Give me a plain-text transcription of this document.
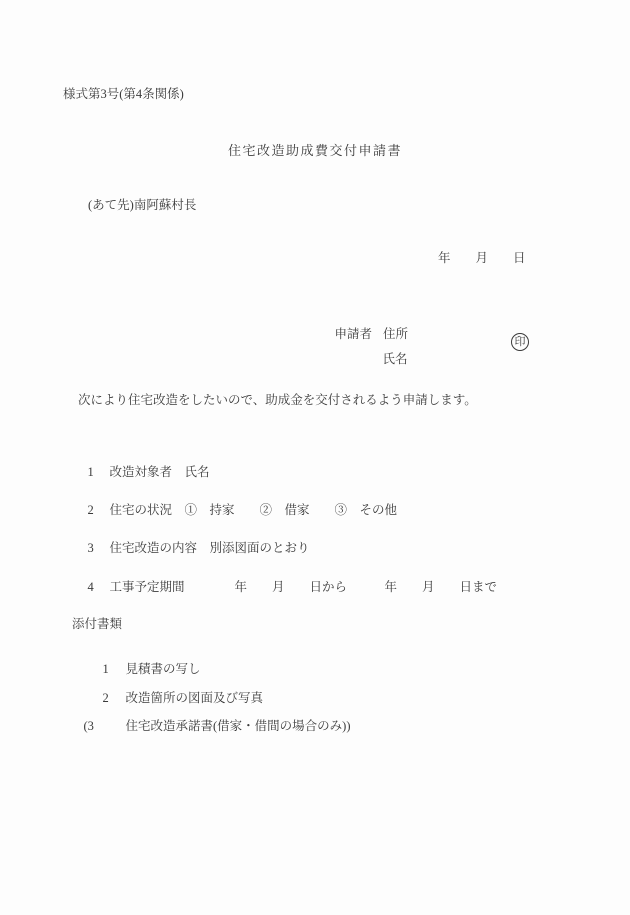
様式第3号(第4条関係)
住宅改造助成費交付申請書
(あて先)南阿蘇村長
年　　月　　日

申請者 住所

氏名

印
次により住宅改造をしたいので、助成金を交付されるよう申請します。

1 改造対象者　氏名

2 住宅の状況　①　持家　　②　借家　　③　その他

3 住宅改造の内容　別添図面のとおり

4 工事予定期間　　　　年　　月　　日から　　　年　　月　　日まで

添付書類

1 見積書の写し

2 改造箇所の図面及び写真

(3	住宅改造承諾書(借家・借間の場合のみ))
